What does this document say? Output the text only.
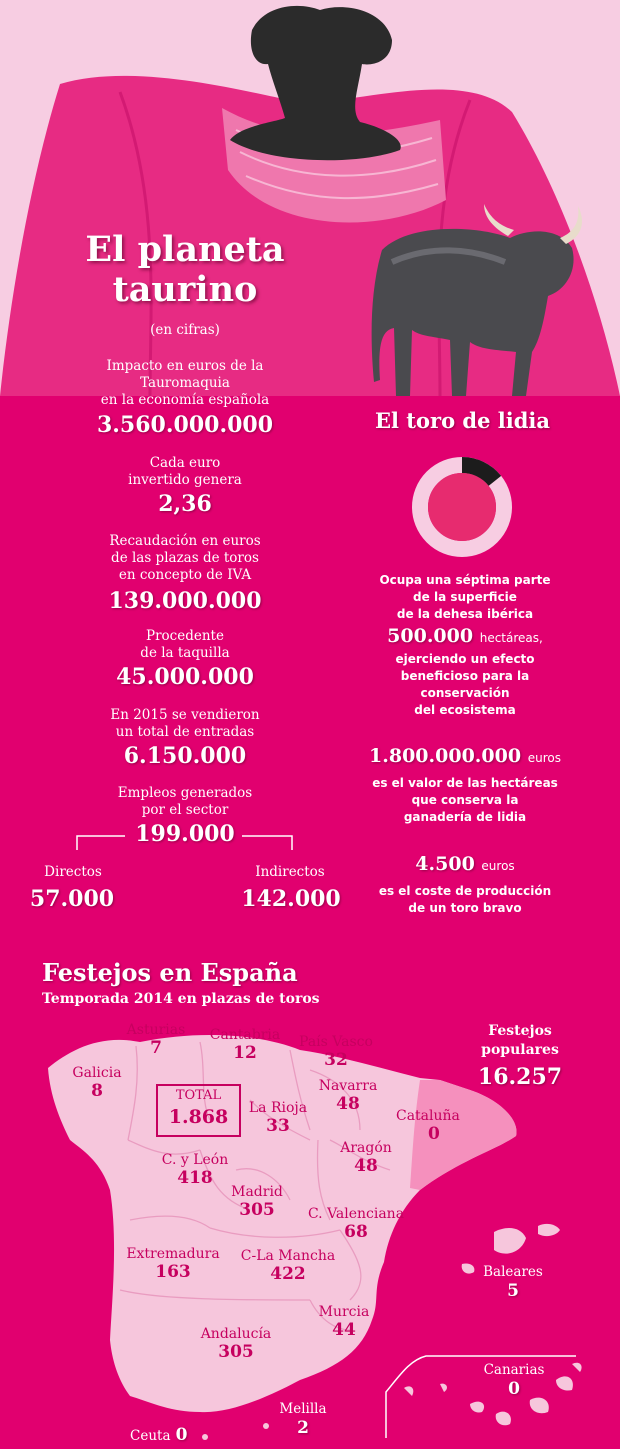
El planeta
taurino
(en cifras)
Impacto en euros de la
Tauromaquia
en la economía española
3.560.000.000
Cada euro
invertido genera
2,36
Recaudación en euros
de las plazas de toros
en concepto de IVA
139.000.000
Procedente
de la taquilla
45.000.000
En 2015 se vendieron
un total de entradas
6.150.000
Empleos generados
por el sector
199.000
Directos
57.000
Indirectos
142.000
El toro de lidia
Ocupa una séptima parte
de la superficie
de la dehesa ibérica
500.000 hectáreas,
ejerciendo un efecto
beneficioso para la
conservación
del ecosistema
1.800.000.000 euros
es el valor de las hectáreas
que conserva la
ganadería de lidia
4.500 euros
es el coste de producción
de un toro bravo
Festejos en España
Temporada 2014 en plazas de toros
Festejos
populares
16.257
TOTAL
1.868
Asturias
7
Cantabria
12
País Vasco
32
Galicia
8	Navarra
48
La Rioja
33	Cataluña
0
Aragón
48
C. y León
418
Madrid
305	C. Valenciana
68
Extremadura
163
C-La Mancha
422	Baleares
5
Murcia
44
Andalucía
305
Canarias
0
Melilla
2
Ceuta 0
